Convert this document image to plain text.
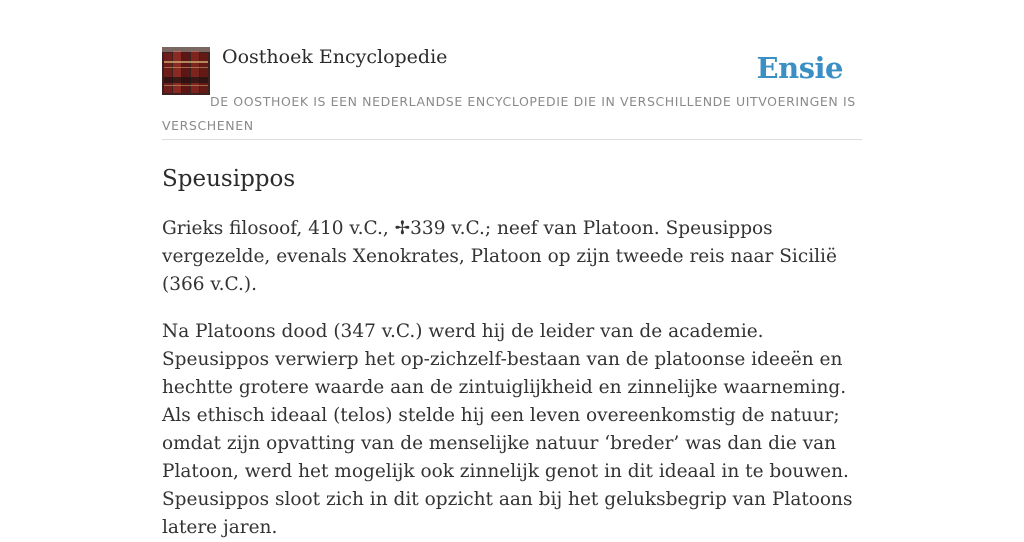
Oosthoek Encyclopedie	Ensie
DE OOSTHOEK IS EEN NEDERLANDSE ENCYCLOPEDIE DIE IN VERSCHILLENDE UITVOERINGEN IS VERSCHENEN
Speusippos

Grieks filosoof, 410 v.C., ✢339 v.C.; neef van Platoon. Speusippos vergezelde, evenals Xenokrates, Platoon op zijn tweede reis naar Sicilië (366 v.C.).

Na Platoons dood (347 v.C.) werd hij de leider van de academie. Speusippos verwierp het op-zichzelf-bestaan van de platoonse ideeën en hechtte grotere waarde aan de zintuiglijkheid en zinnelijke waarneming. Als ethisch ideaal (telos) stelde hij een leven overeenkomstig de natuur; omdat zijn opvatting van de menselijke natuur ‘breder’ was dan die van Platoon, werd het mogelijk ook zinnelijk genot in dit ideaal in te bouwen. Speusippos sloot zich in dit opzicht aan bij het geluksbegrip van Platoons latere jaren.
